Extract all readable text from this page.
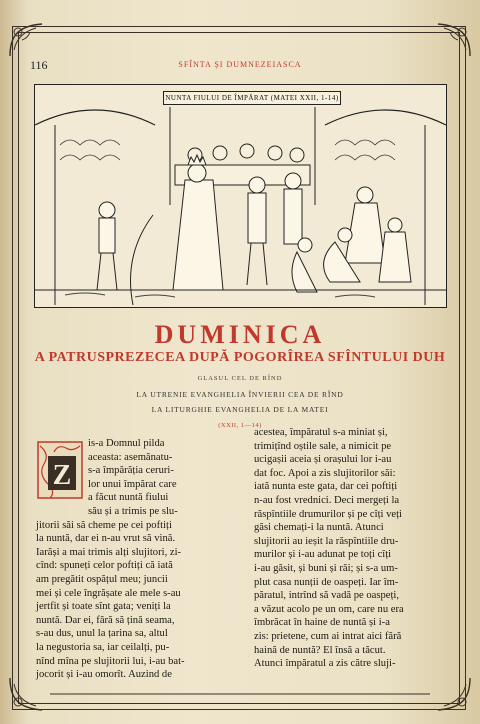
116	SFÎNTA ȘI DUMNEZEIASCA
NUNTA FIULUI DE ÎMPĂRAT (MATEI XXII, 1-14)
DUMINICA
A PATRUSPREZECEA DUPĂ POGORÎREA SFÎNTULUI DUH
GLASUL CEL DE RÎND
LA UTRENIE EVANGHELIA ÎNVIERII CEA DE RÎND
LA LITURGHIE EVANGHELIA DE LA MATEI
(XXII, 1—14)
Z
is-a Domnul pilda
aceasta: asemănatu-
s-a împărăția ceruri-
lor unui împărat care
a făcut nuntă fiului
său și a trimis pe slu-
jitorii săi să cheme pe cei poftiți
la nuntă, dar ei n-au vrut să vină.
Iarăși a mai trimis alți slujitori, zi-
cînd: spuneți celor poftiți că iată
am pregătit ospățul meu; juncii
mei și cele îngrășate ale mele s-au
jertfit și toate sînt gata; veniți la
nuntă. Dar ei, fără să țină seama,
s-au dus, unul la țarina sa, altul
la negustoria sa, iar ceilalți, pu-
nînd mîna pe slujitorii lui, i-au bat-
jocorit și i-au omorît. Auzind de
acestea, împăratul s-a miniat și,
trimițînd oștile sale, a nimicit pe
ucigașii aceia și orașului lor i-au
dat foc. Apoi a zis slujitorilor săi:
iată nunta este gata, dar cei poftiți
n-au fost vrednici. Deci mergeți la
răspîntiile drumurilor și pe cîți veți
găsi chemați-i la nuntă. Atunci
slujitorii au ieșit la răspîntiile dru-
murilor și i-au adunat pe toți cîți
i-au găsit, și buni și răi; și s-a um-
plut casa nunții de oaspeți. Iar îm-
păratul, intrînd să vadă pe oaspeți,
a văzut acolo pe un om, care nu era
îmbrăcat în haine de nuntă și i-a
zis: prietene, cum ai intrat aici fără
haină de nuntă? El însă a tăcut.
Atunci împăratul a zis către sluji-
